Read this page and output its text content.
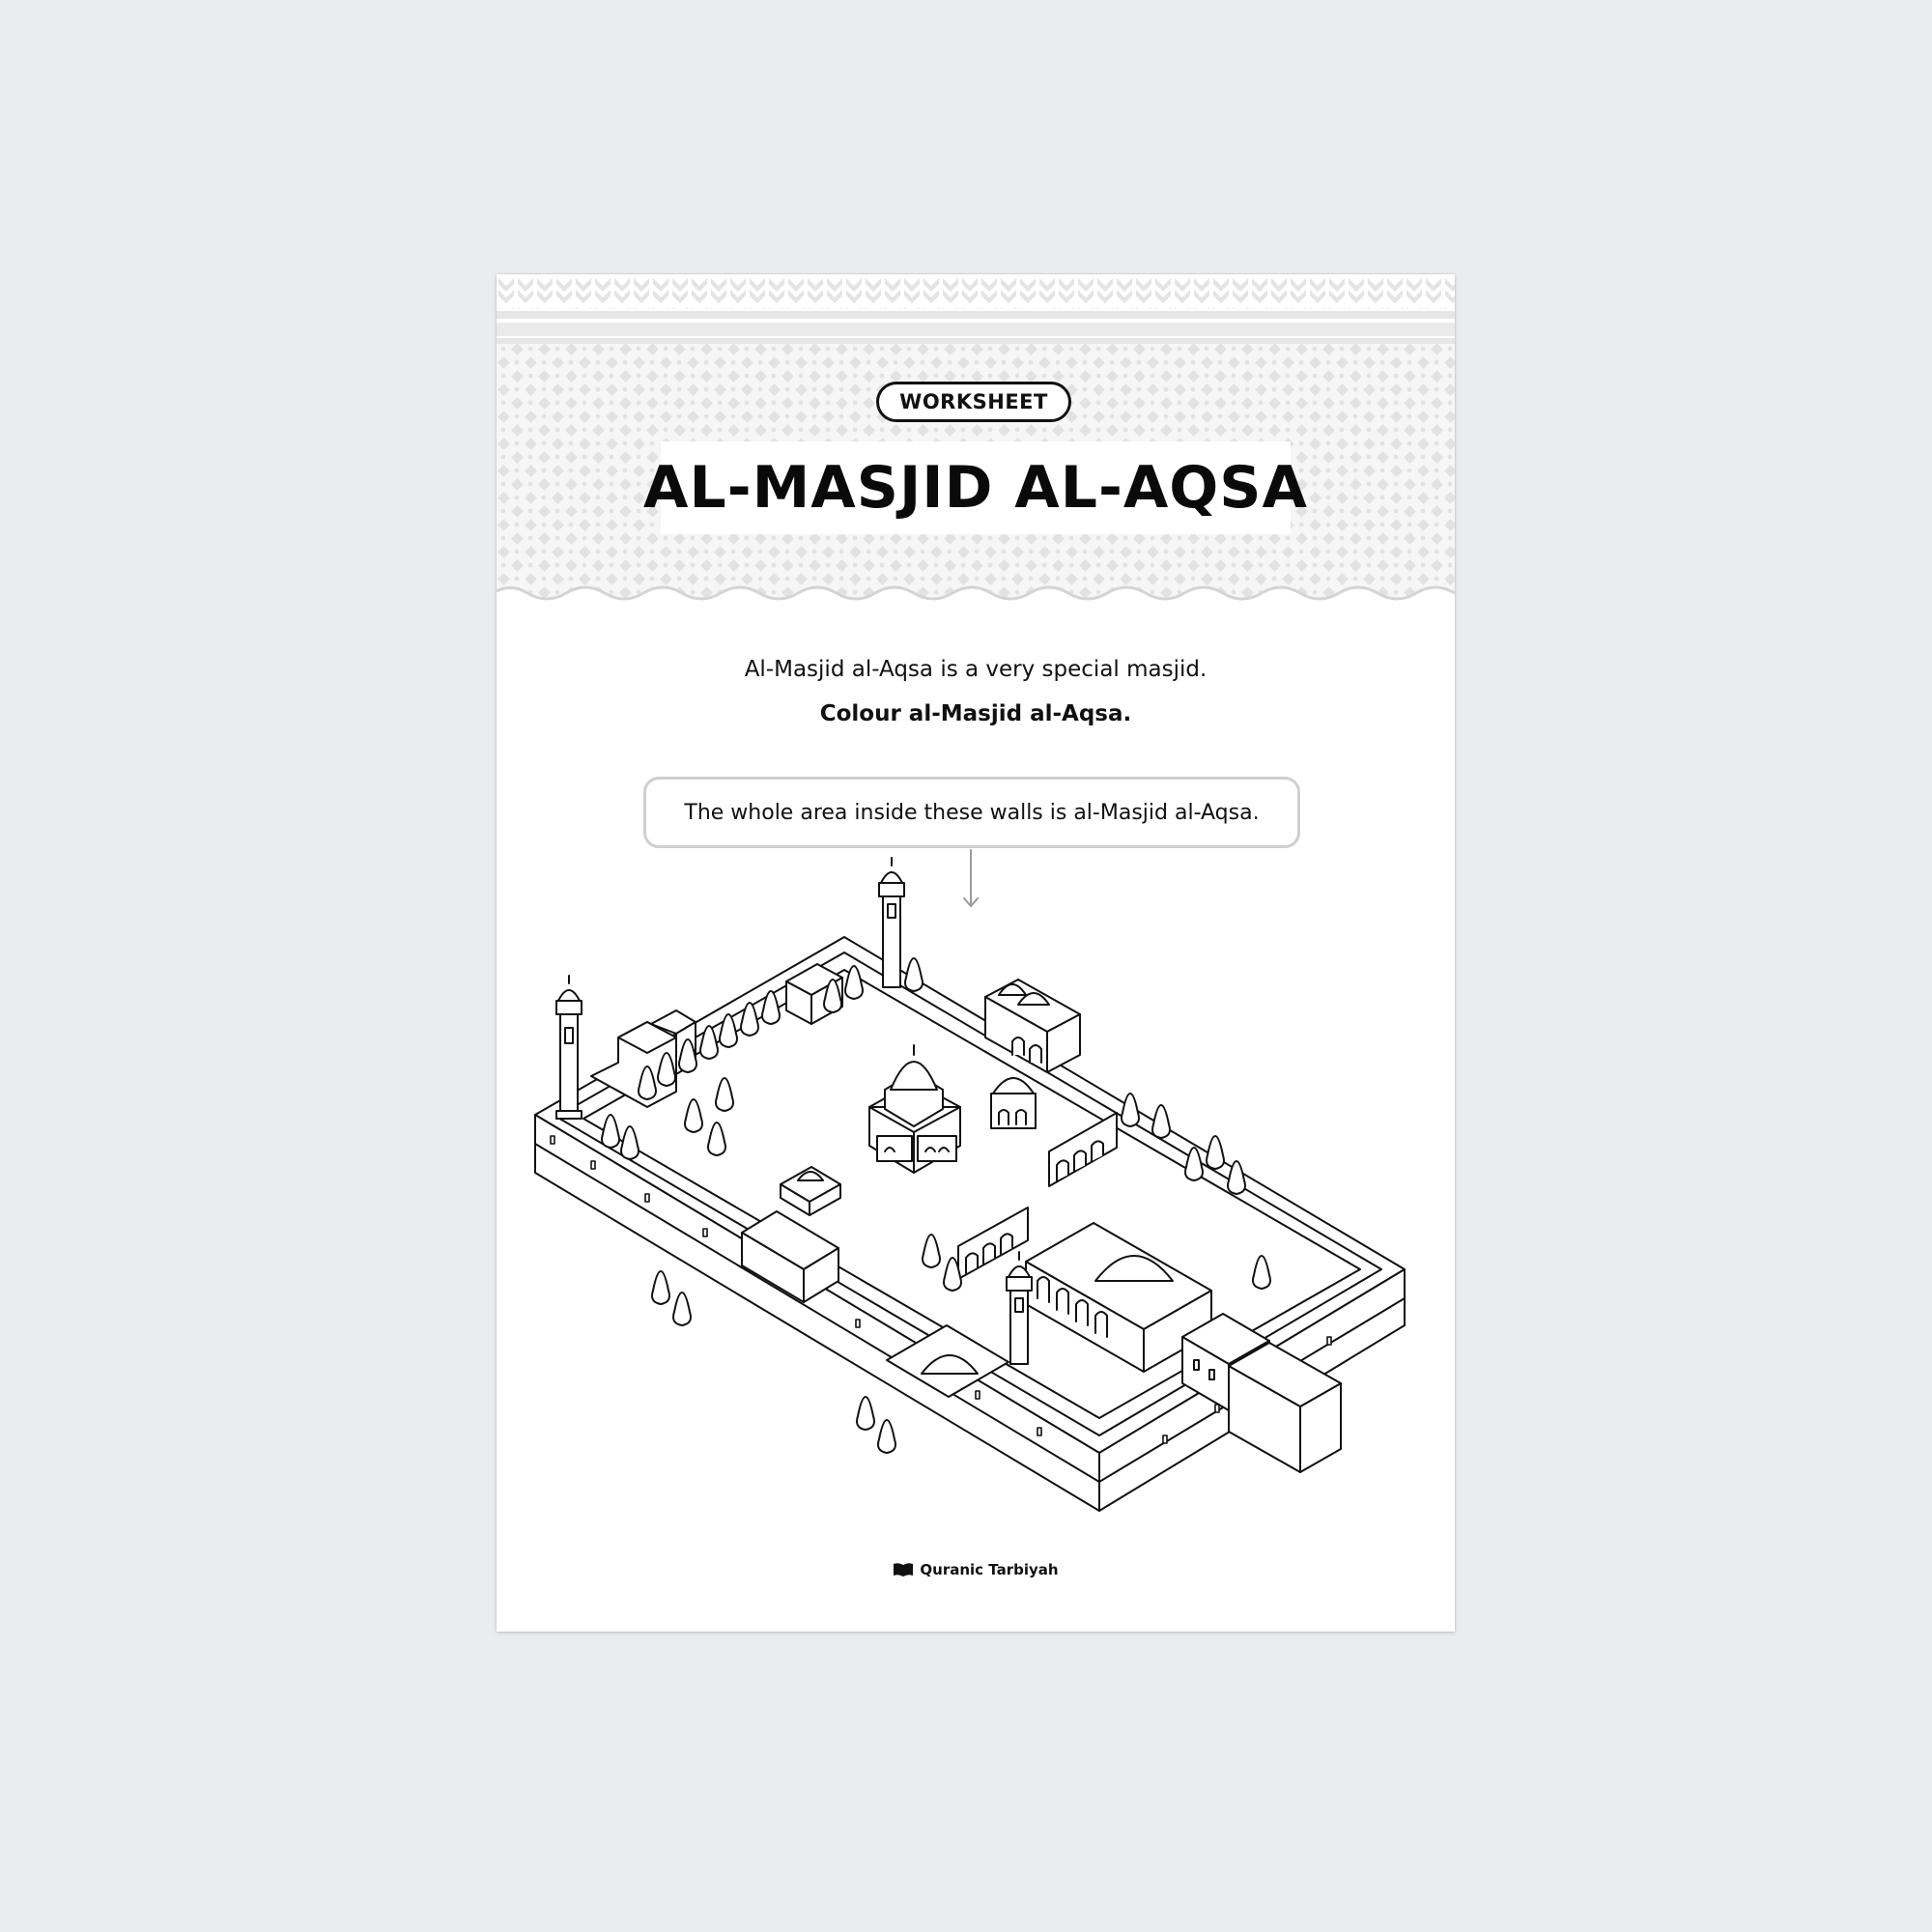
WORKSHEET
AL-MASJID AL-AQSA
Al-Masjid al-Aqsa is a very special masjid.
Colour al-Masjid al-Aqsa.
The whole area inside these walls is al-Masjid al-Aqsa.
Quranic Tarbiyah
